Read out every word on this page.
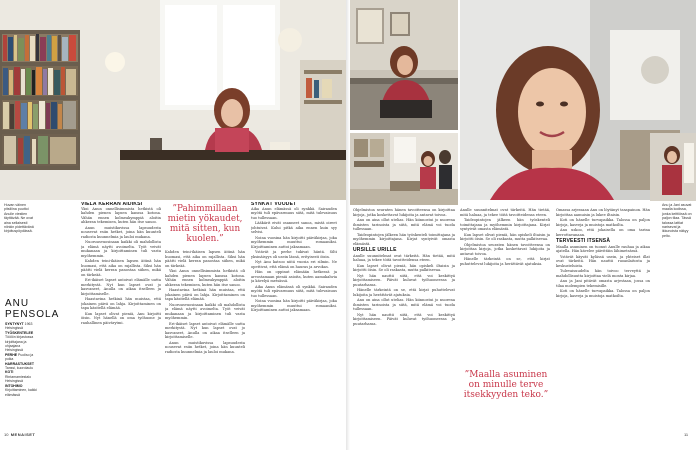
Huvan väinen pitsiliina puuttoi Anulle viestien täyttävää. Ne ovat aina sellaisesti niinkin pidettävänä kirjoituspöydässä.
ANU PENSOLA
SYNTYNYT 1963 Helsingissä
TYÖSKENTELEE Töölön kirjastossa kirjoittajana ja ohjaajana Helsingissä
PERHE Puoliso ja poika
HARRASTUKSET Tanssi, kuorolaulu
KOTI Rintamamiestalo Helsingissä
INTOHIMO Kirjoittaminen, kaikki elämässä
VIELÄ KERRAN ÄIDIKSI

Yksi Anun onnellisimmista hetkistä oli kahden pienen lapsen kanssa kotona. Vähän ennen kolmeakymppiä aloitin ahkeran tekemisen, kuten hän itse sanoo.

Anun muistikuvissa lapsuudesta nousevat esiin hetket, joina hän kuunteli radiosta kuunnelmia ja lauloi mukana.

Nuoruusvuosinaan kaikki oli mahdollista ja elämä näytti avoimelta. Työt veivät mukanaan ja kirjoittaminen tuli vasta myöhemmin.

Kahden teini-ikäisen lapsen äitinä hän huomasi, että aika on rajallista. Siksi hän päätti vielä kerran panostaa siihen, mikä on tärkeää.

Eri-ikäiset lapset antoivat elämälle uutta merkitystä. Nyt kun lapset ovat jo kasvaneet, Anulla on aikaa itselleen ja kirjoittamiselle.

Haastavina hetkinä hän muistaa, että jokainen päivä on lahja. Kirjoittaminen on tapa käsitellä elämää.

Kun lapset olivat pieniä, Anu kirjoitti öisin. Nyt hänellä on oma työhuone ja rauhallinen päivärytmi.

”Pahimmillaan mietin yökaudet, mitä sitten, kun kuolen.”

Kahden teini-ikäisen lapsen äitinä hän huomasi, että aika on rajallista. Siksi hän päätti vielä kerran panostaa siihen, mikä on tärkeää.

Yksi Anun onnellisimmista hetkistä oli kahden pienen lapsen kanssa kotona. Vähän ennen kolmeakymppiä aloitin ahkeran tekemisen, kuten hän itse sanoo.

Haastavina hetkinä hän muistaa, että jokainen päivä on lahja. Kirjoittaminen on tapa käsitellä elämää.

Nuoruusvuosinaan kaikki oli mahdollista ja elämä näytti avoimelta. Työt veivät mukanaan ja kirjoittaminen tuli vasta myöhemmin.

Eri-ikäiset lapset antoivat elämälle uutta merkitystä. Nyt kun lapset ovat jo kasvaneet, Anulla on aikaa itselleen ja kirjoittamiselle.

Anun muistikuvissa lapsuudesta nousevat esiin hetket, joina hän kuunteli radiosta kuunnelmia ja lauloi mukana.

SYNKÄT VUODET

Aika Anun elämässä oli synkkä. Sairauden myötä tuli epävarmuus siitä, mitä tulevaisuus tuo tullessaan.

Lääkärit eivät osanneet sanoa, mistä oireet johtuivat. Kului pitkä aika ennen kuin syy selvisi.

Noina vuosina hän kirjoitti päiväkirjaa, joka myöhemmin muuttui romaaniksi. Kirjoittaminen auttoi jaksamaan.

Ystävät ja perhe tukivat häntä. Silti yksinäisyys oli usein läsnä, erityisesti öisin.

Nyt Anu katsoo niitä vuosia eri silmin. Ne opettivat, että elämä on hauras ja arvokas.

Hän on oppinut elämään hetkessä ja arvostamaan pieniä asioita, kuten aamukahvia ja kävelyä metsässä.

Aika Anun elämässä oli synkkä. Sairauden myötä tuli epävarmuus siitä, mitä tulevaisuus tuo tullessaan.

Noina vuosina hän kirjoitti päiväkirjaa, joka myöhemmin muuttui romaaniksi. Kirjoittaminen auttoi jaksamaan.

10 MENAISET
Anu ja Jani asuvat maalla kodissa, jonka keittiössä on paljon tilaa. Tässä talossa lattiat narisevat ja ikkunoista näkyy pelto.

Ohjelmistoa seuraten hänen tavoitteensa on kirjoittaa kirjoja, jotka koskettavat lukijoita ja antavat toivoa.

Anu on aina ollut utelias. Hän kiinnostui jo nuorena ihmisten tarinoista ja siitä, mitä elämä voi tuoda tullessaan.

Taideopintojen jälkeen hän työskenteli toimittajana ja myöhemmin kirjoittajana. Kirjat syntyivät omasta elämästä.

URSILLE URILLE

Anulle suunnitelmat ovat tärkeitä. Hän tietää, mitä haluaa, ja tekee töitä tavoitteidensa eteen.

Kun lapset olivat pieniä, hän opiskeli iltaisin ja kirjoitti öisin. Se oli raskasta, mutta palkitsevaa.

Nyt hän nauttii siitä, että voi keskittyä kirjoittamiseen. Päivät kuluvat työhuoneessa ja puutarhassa.

Hänelle tärkeintä on se, että kirjat puhuttelevat lukijoita ja herättävät ajatuksia.

Anu on aina ollut utelias. Hän kiinnostui jo nuorena ihmisten tarinoista ja siitä, mitä elämä voi tuoda tullessaan.

Nyt hän nauttii siitä, että voi keskittyä kirjoittamiseen. Päivät kuluvat työhuoneessa ja puutarhassa.

Anulle suunnitelmat ovat tärkeitä. Hän tietää, mitä haluaa, ja tekee töitä tavoitteidensa eteen.

Taideopintojen jälkeen hän työskenteli toimittajana ja myöhemmin kirjoittajana. Kirjat syntyivät omasta elämästä.

Kun lapset olivat pieniä, hän opiskeli iltaisin ja kirjoitti öisin. Se oli raskasta, mutta palkitsevaa.

Ohjelmistoa seuraten hänen tavoitteensa on kirjoittaa kirjoja, jotka koskettavat lukijoita ja antavat toivoa.

Hänelle tärkeintä on se, että kirjat puhuttelevat lukijoita ja herättävät ajatuksia.

”Maalla asuminen on minulle terve itsekkyyden teko.”

Omassa arjessaan Anu on löytänyt tasapainon. Hän kirjoittaa aamuisin ja lukee iltaisin.

Koti on hänelle turvapaikka. Talossa on paljon kirjoja, kasveja ja muistoja matkoilta.

Anu uskoo, että jokaisella on oma tarina kerrottavanaan.

TERVEESTI ITSENSÄ

Maalla asuminen on tuonut Anulle rauhaa ja aikaa ajatella. Hän kävelee päivittäin lähimetsässä.

Ystävät käyvät kylässä usein, ja yhteiset illat ovat tärkeitä. Hän nauttii ruoanlaitosta ja keskusteluista.

Tulevaisuudelta hän toivoo terveyttä ja mahdollisuutta kirjoittaa vielä monta kirjaa.

Anu ja Jani pitävät omasta arjestaan, jossa on tilaa molempien tekemisille.

Koti on hänelle turvapaikka. Talossa on paljon kirjoja, kasveja ja muistoja matkoilta.

11
